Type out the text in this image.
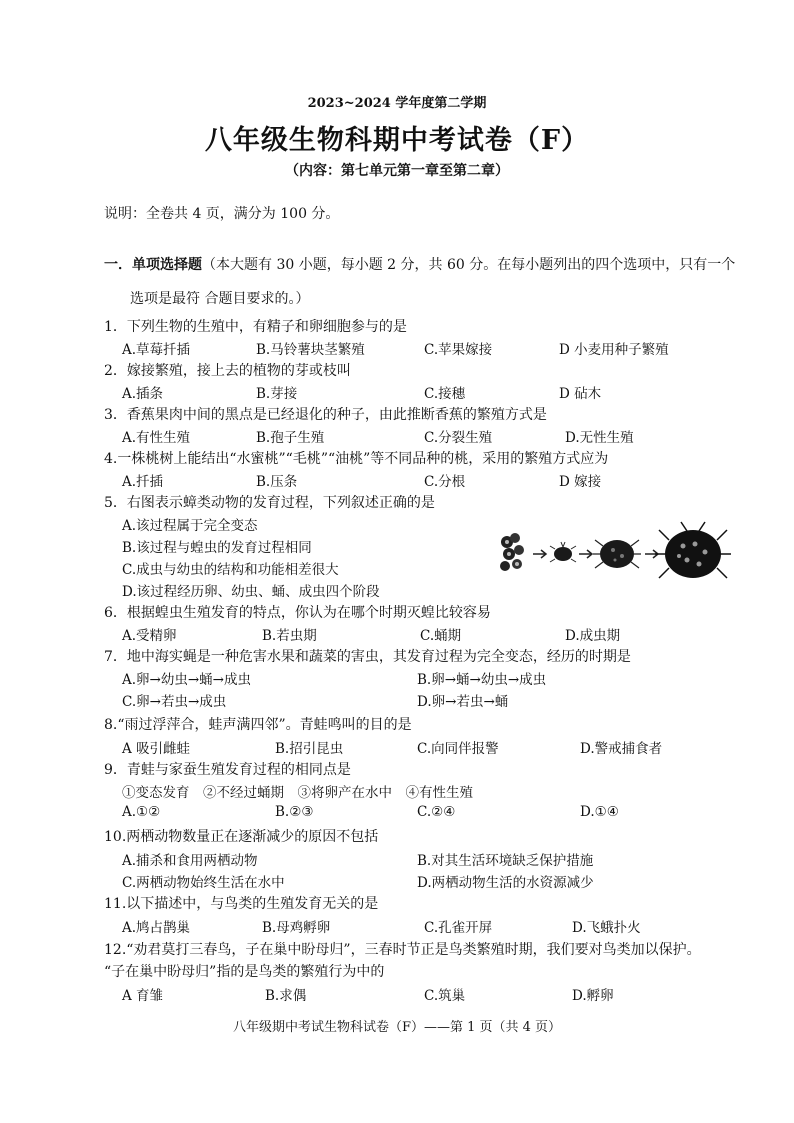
2023~2024 学年度第二学期
八年级生物科期中考试卷（F）
（内容：第七单元第一章至第二章）
说明：全卷共 4 页，满分为 100 分。
一．单项选择题（本大题有 30 小题，每小题 2 分，共 60 分。在每小题列出的四个选项中，只有一个
选项是最符 合题目要求的。）
1．下列生物的生殖中，有精子和卵细胞参与的是
A.草莓扦插	B.马铃薯块茎繁殖	C.苹果嫁接	D 小麦用种子繁殖
2．嫁接繁殖，接上去的植物的芽或枝叫
A.插条	B.芽接	C.接穗	D 砧木
3．香蕉果肉中间的黑点是已经退化的种子，由此推断香蕉的繁殖方式是
A.有性生殖	B.孢子生殖	C.分裂生殖	D.无性生殖
4.一株桃树上能结出“水蜜桃”“毛桃”“油桃”等不同品种的桃，采用的繁殖方式应为
A.扦插	B.压条	C.分根	D 嫁接
5．右图表示蟑类动物的发育过程，下列叙述正确的是
A.该过程属于完全变态
B.该过程与蝗虫的发育过程相同
C.成虫与幼虫的结构和功能相差很大
D.该过程经历卵、幼虫、蛹、成虫四个阶段
6．根据蝗虫生殖发育的特点，你认为在哪个时期灭蝗比较容易
A.受精卵	B.若虫期	C.蛹期	D.成虫期
7．地中海实蝇是一种危害水果和蔬菜的害虫，其发育过程为完全变态，经历的时期是
A.卵→幼虫→蛹→成虫	B.卵→蛹→幼虫→成虫
C.卵→若虫→成虫	D.卵→若虫→蛹
8.“雨过浮萍合，蛙声满四邻”。青蛙鸣叫的目的是
A 吸引雌蛙	B.招引昆虫	C.向同伴报警	D.警戒捕食者
9．青蛙与家蚕生殖发育过程的相同点是
①变态发育　②不经过蛹期　③将卵产在水中　④有性生殖
A.①②	B.②③	C.②④	D.①④
10.两栖动物数量正在逐渐减少的原因不包括
A.捕杀和食用两栖动物	B.对其生活环境缺乏保护措施
C.两栖动物始终生活在水中	D.两栖动物生活的水资源减少
11.以下描述中，与鸟类的生殖发育无关的是
A.鸠占鹊巢	B.母鸡孵卵	C.孔雀开屏	D.飞蛾扑火
12.“劝君莫打三春鸟，子在巢中盼母归”，三春时节正是鸟类繁殖时期，我们要对鸟类加以保护。
“子在巢中盼母归”指的是鸟类的繁殖行为中的
A 育雏	B.求偶	C.筑巢	D.孵卵
八年级期中考试生物科试卷（F）——第 1 页（共 4 页）
